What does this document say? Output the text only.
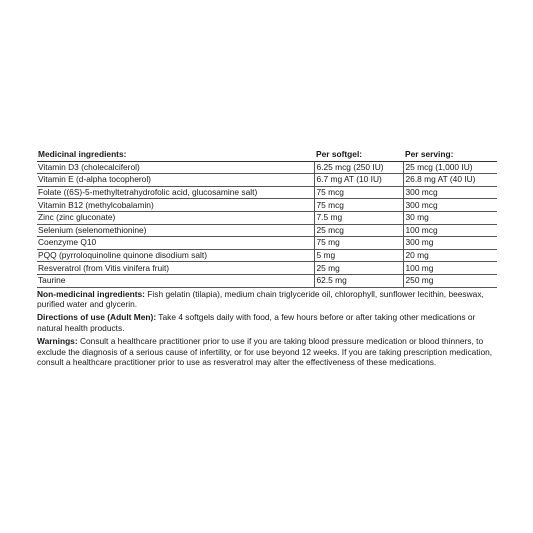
Medicinal ingredients:	Per softgel:	Per serving:
Vitamin D3 (cholecalciferol)	6.25 mcg (250 IU)	25 mcg (1,000 IU)
Vitamin E (d-alpha tocopherol)	6.7 mg AT (10 IU)	26.8 mg AT (40 IU)
Folate ((6S)-5-methyltetrahydrofolic acid, glucosamine salt)	75 mcg	300 mcg
Vitamin B12 (methylcobalamin)	75 mcg	300 mcg
Zinc (zinc gluconate)	7.5 mg	30 mg
Selenium (selenomethionine)	25 mcg	100 mcg
Coenzyme Q10	75 mg	300 mg
PQQ (pyrroloquinoline quinone disodium salt)	5 mg	20 mg
Resveratrol (from Vitis vinifera fruit)	25 mg	100 mg
Taurine	62.5 mg	250 mg

Non-medicinal ingredients: Fish gelatin (tilapia), medium chain triglyceride oil, chlorophyll, sunflower lecithin, beeswax, purified water and glycerin.

Directions of use (Adult Men): Take 4 softgels daily with food, a few hours before or after taking other medications or natural health products.

Warnings: Consult a healthcare practitioner prior to use if you are taking blood pressure medication or blood thinners, to exclude the diagnosis of a serious cause of infertility, or for use beyond 12 weeks. If you are taking prescription medication, consult a healthcare practitioner prior to use as resveratrol may alter the effectiveness of these medications.
